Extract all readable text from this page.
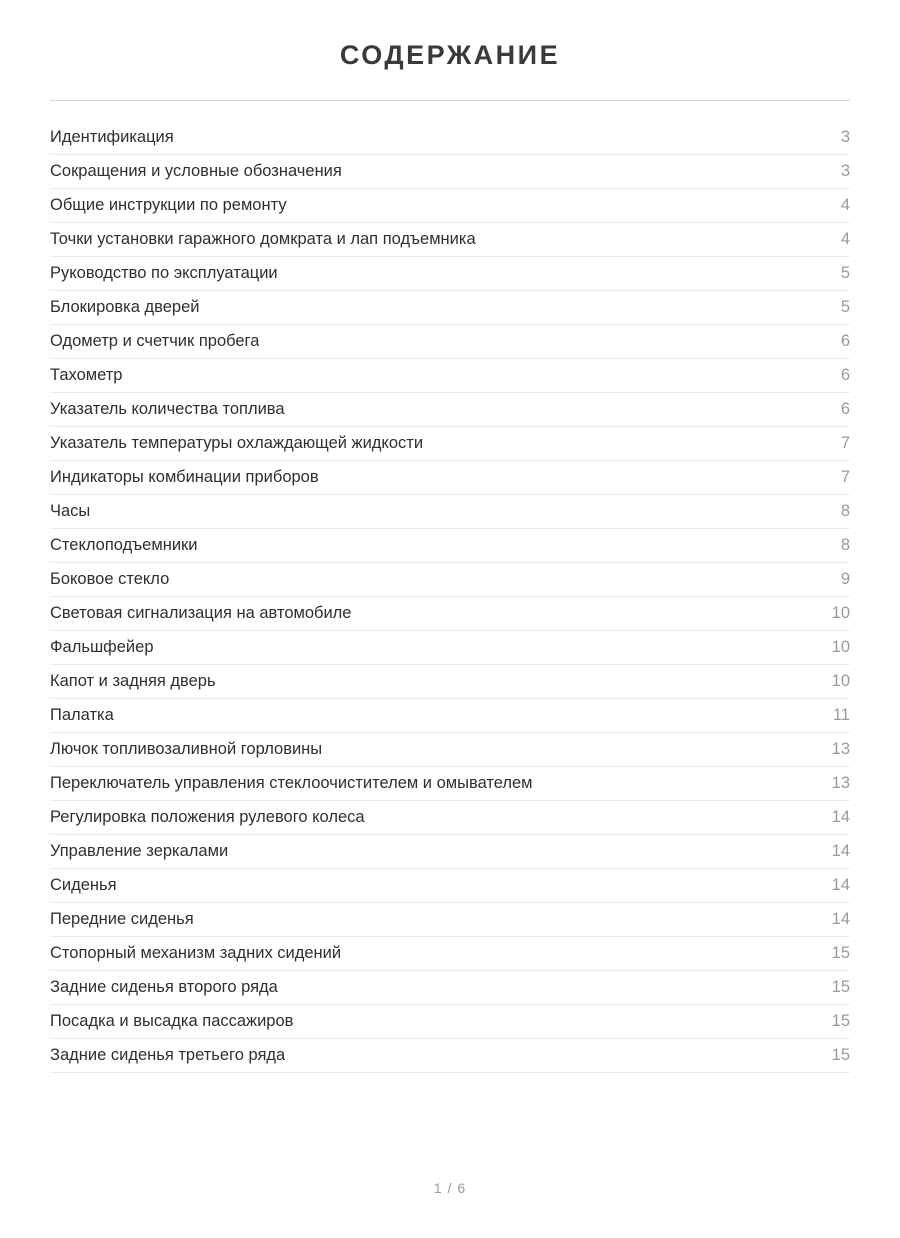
СОДЕРЖАНИЕ
Идентификация	3
Сокращения и условные обозначения	3
Общие инструкции по ремонту	4
Точки установки гаражного домкрата и лап подъемника	4
Руководство по эксплуатации	5
Блокировка дверей	5
Одометр и счетчик пробега	6
Тахометр	6
Указатель количества топлива	6
Указатель температуры охлаждающей жидкости	7
Индикаторы комбинации приборов	7
Часы	8
Стеклоподъемники	8
Боковое стекло	9
Световая сигнализация на автомобиле	10
Фальшфейер	10
Капот и задняя дверь	10
Палатка	11
Лючок топливозаливной горловины	13
Переключатель управления стеклоочистителем и омывателем	13
Регулировка положения рулевого колеса	14
Управление зеркалами	14
Сиденья	14
Передние сиденья	14
Стопорный механизм задних сидений	15
Задние сиденья второго ряда	15
Посадка и высадка пассажиров	15
Задние сиденья третьего ряда	15
1 / 6
